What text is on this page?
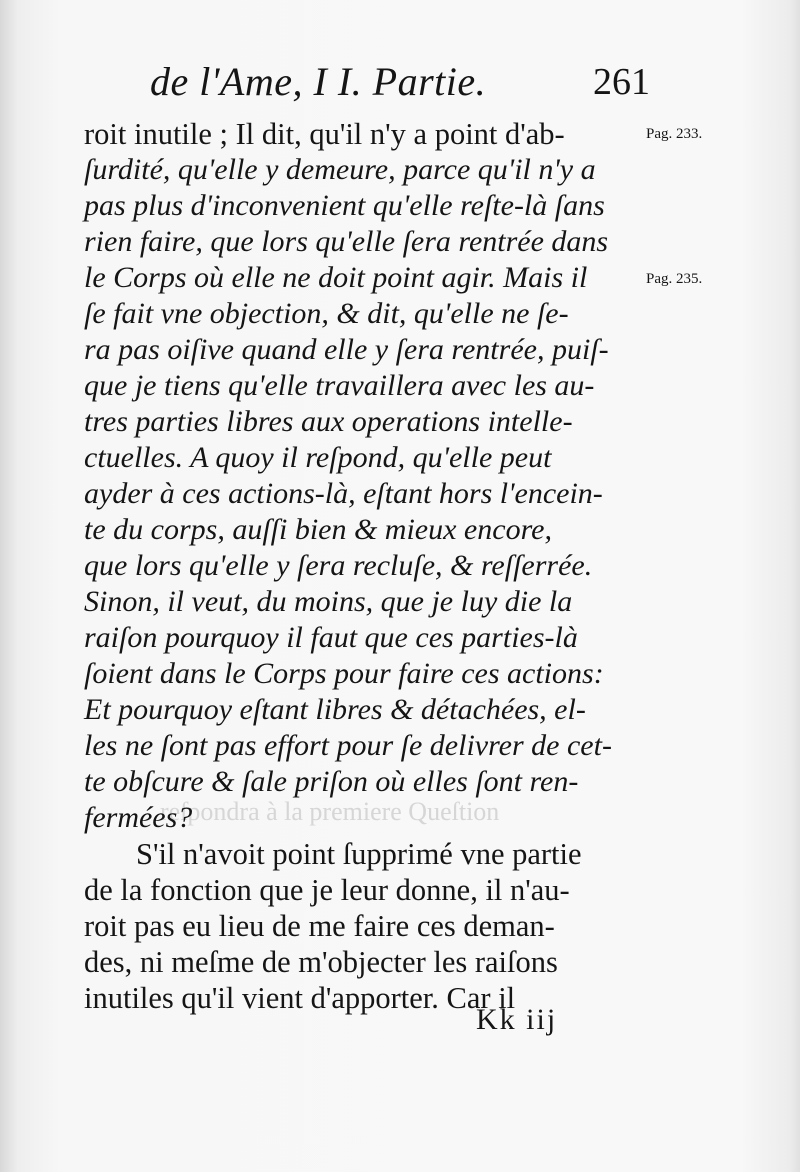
reſpondra à la premiere Queſtion
de l'Ame, I I. Partie.	261
Pag. 233.
Pag. 235.
roit inutile ; Il dit, qu'il n'y a point d'ab-
ſurdité, qu'elle y demeure, parce qu'il n'y a
pas plus d'inconvenient qu'elle reſte-là ſans
rien faire, que lors qu'elle ſera rentrée dans
le Corps où elle ne doit point agir. Mais il
ſe fait vne objection, & dit, qu'elle ne ſe-
ra pas oiſive quand elle y ſera rentrée, puiſ-
que je tiens qu'elle travaillera avec les au-
tres parties libres aux operations intelle-
ctuelles. A quoy il reſpond, qu'elle peut
ayder à ces actions-là, eſtant hors l'encein-
te du corps, auſſi bien & mieux encore,
que lors qu'elle y ſera recluſe, & reſſerrée.
Sinon, il veut, du moins, que je luy die la
raiſon pourquoy il faut que ces parties-là
ſoient dans le Corps pour faire ces actions:
Et pourquoy eſtant libres & détachées, el-
les ne ſont pas effort pour ſe delivrer de cet-
te obſcure & ſale priſon où elles ſont ren-
fermées?
S'il n'avoit point ſupprimé vne partie
de la fonction que je leur donne, il n'au-
roit pas eu lieu de me faire ces deman-
des, ni meſme de m'objecter les raiſons
inutiles qu'il vient d'apporter. Car il
Kk iij
